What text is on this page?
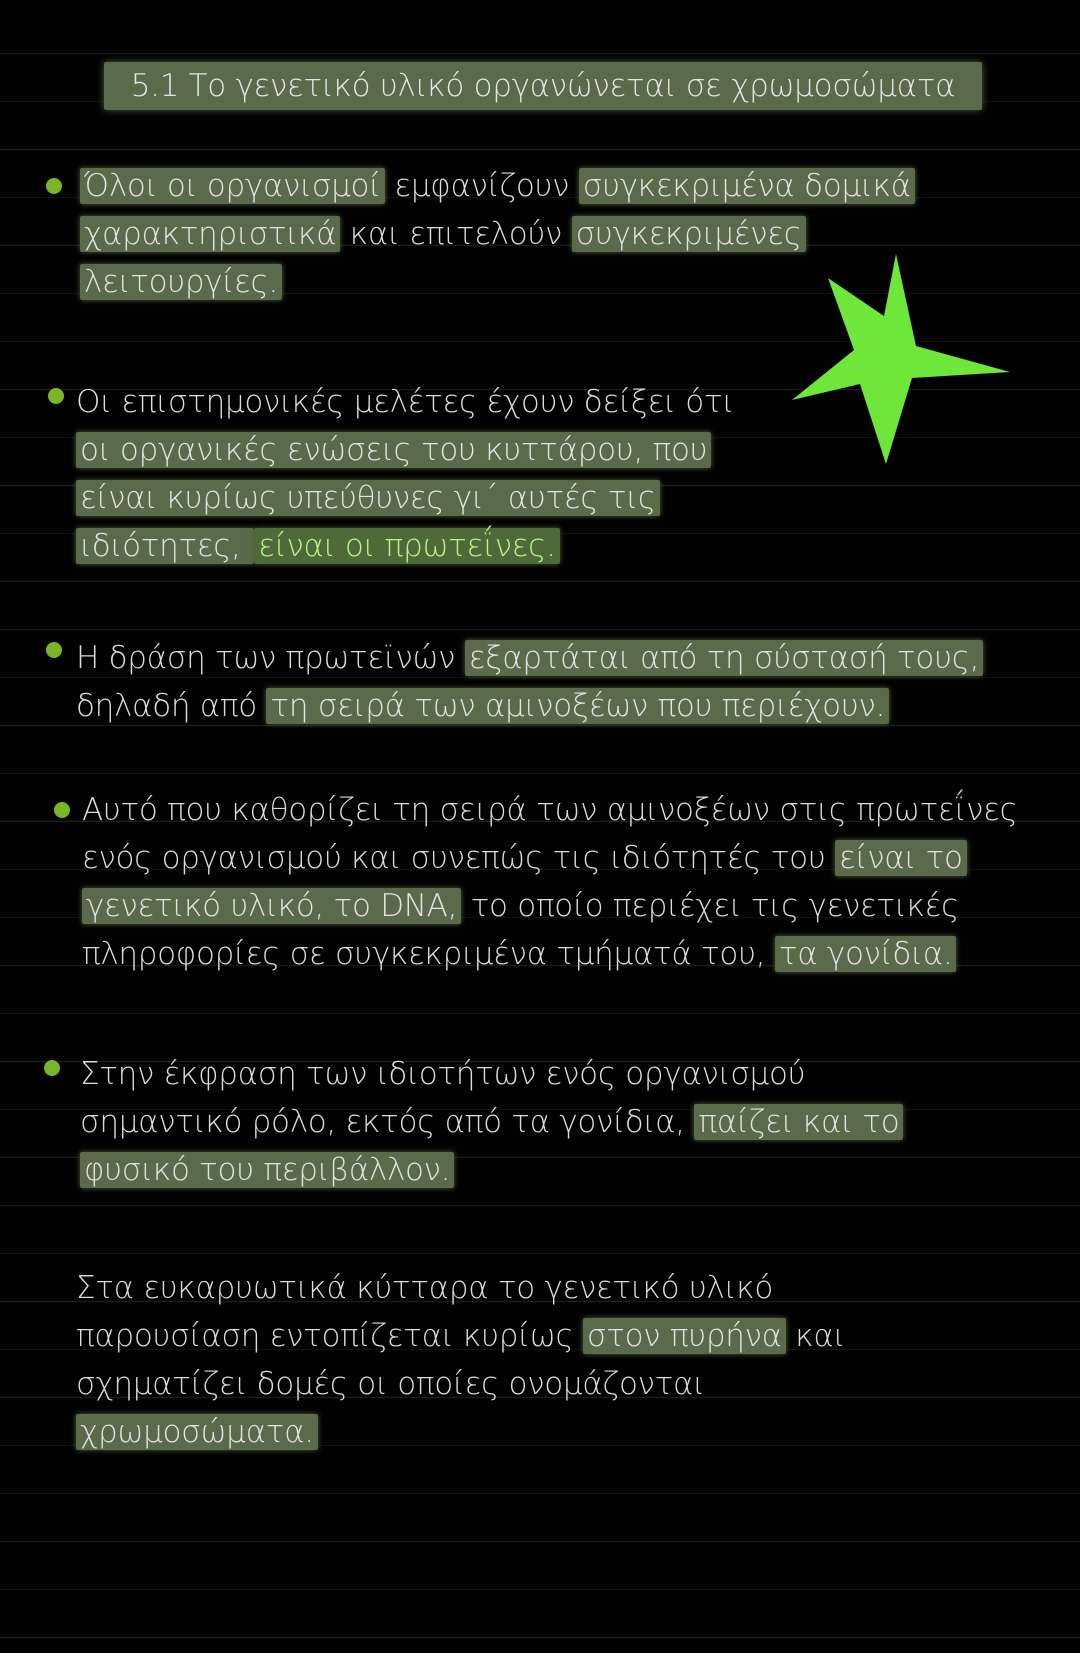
5.1 Το γενετικό υλικό οργανώνεται σε χρωμοσώματα
Όλοι οι οργανισμοί εμφανίζουν συγκεκριμένα δομικά
χαρακτηριστικά και επιτελούν συγκεκριμένες
λειτουργίες.
Οι επιστημονικές μελέτες έχουν δείξει ότι
οι οργανικές ενώσεις του κυττάρου, που
είναι κυρίως υπεύθυνες γι΄ αυτές τις
ιδιότητες, είναι οι πρωτεΐνες.
Η δράση των πρωτεϊνών εξαρτάται από τη σύστασή τους,
δηλαδή από τη σειρά των αμινοξέων που περιέχουν.
Αυτό που καθορίζει τη σειρά των αμινοξέων στις πρωτεΐνες
ενός οργανισμού και συνεπώς τις ιδιότητές του είναι το
γενετικό υλικό, το DNA, το οποίο περιέχει τις γενετικές
πληροφορίες σε συγκεκριμένα τμήματά του, τα γονίδια.
Στην έκφραση των ιδιοτήτων ενός οργανισμού
σημαντικό ρόλο, εκτός από τα γονίδια, παίζει και το
φυσικό του περιβάλλον.
Στα ευκαρυωτικά κύτταρα το γενετικό υλικό
παρουσίαση εντοπίζεται κυρίως στον πυρήνα και
σχηματίζει δομές οι οποίες ονομάζονται
χρωμοσώματα.
